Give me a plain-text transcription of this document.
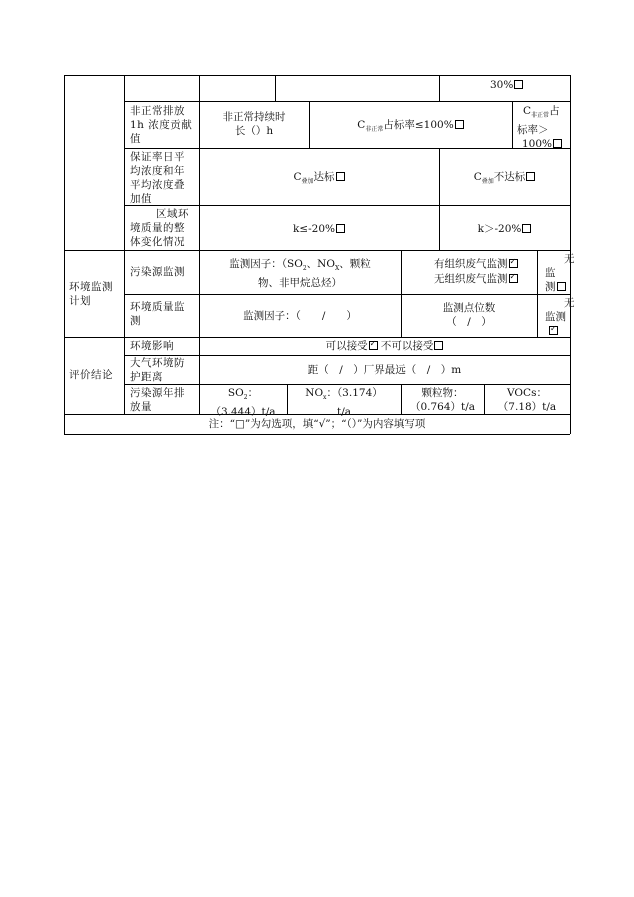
30%
非正常排放
1h 浓度贡献
值
非正常持续时
长（）h	$C_{非正常}$占标率≤100%
$C_{非正常}$占
标率＞
100%
保证率日平
均浓度和年
平均浓度叠
加值
$C_{叠加}$达标	$C_{叠加}$不达标
区域环
境质量的整
体变化情况
k≤-20%	k＞-20%
环境监测
计划
污染源监测
监测因子：（$SO_2$、$NO_X$、颗粒
物、非甲烷总烃）
有组织废气监测✓
无组织废气监测✓
无
监
测
环境质量监
测	监测因子：（　　/　　）
监测点位数
（　/　）
无
监测
✓
评价结论
环境影响	可以接受✓ 不可以接受
大气环境防
护距离
距（　/　）厂界最远（　/　）m
污染源年排
放量
$SO_2$：
（3.444）t/a
$NO_x$：（3.174）
t/a
颗粒物：
（0.764）t/a
VOCs：
（7.18）t/a
注：“□”为勾选项，填“√”；“（）”为内容填写项
